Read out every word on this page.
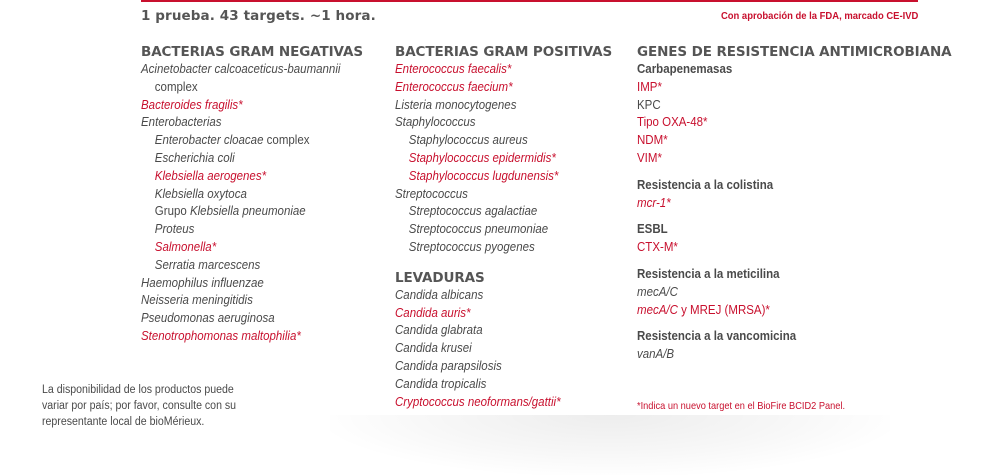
1 prueba. 43 targets. ~1 hora.	Con aprobación de la FDA, marcado CE-IVD
BACTERIAS GRAM NEGATIVAS
Acinetobacter calcoaceticus-baumannii
complex
Bacteroides fragilis*
Enterobacterias
Enterobacter cloacae complex
Escherichia coli
Klebsiella aerogenes*
Klebsiella oxytoca
Grupo Klebsiella pneumoniae
Proteus
Salmonella*
Serratia marcescens
Haemophilus influenzae
Neisseria meningitidis
Pseudomonas aeruginosa
Stenotrophomonas maltophilia*
BACTERIAS GRAM POSITIVAS
Enterococcus faecalis*
Enterococcus faecium*
Listeria monocytogenes
Staphylococcus
Staphylococcus aureus
Staphylococcus epidermidis*
Staphylococcus lugdunensis*
Streptococcus
Streptococcus agalactiae
Streptococcus pneumoniae
Streptococcus pyogenes
LEVADURAS
Candida albicans
Candida auris*
Candida glabrata
Candida krusei
Candida parapsilosis
Candida tropicalis
Cryptococcus neoformans/gattii*
GENES DE RESISTENCIA ANTIMICROBIANA
Carbapenemasas
IMP*
KPC
Tipo OXA-48*
NDM*
VIM*
Resistencia a la colistina
mcr-1*
ESBL
CTX-M*
Resistencia a la meticilina
mecA/C
mecA/C y MREJ (MRSA)*
Resistencia a la vancomicina
vanA/B
La disponibilidad de los productos puede
variar por país; por favor, consulte con su
representante local de bioMérieux.
*Indica un nuevo target en el BioFire BCID2 Panel.
